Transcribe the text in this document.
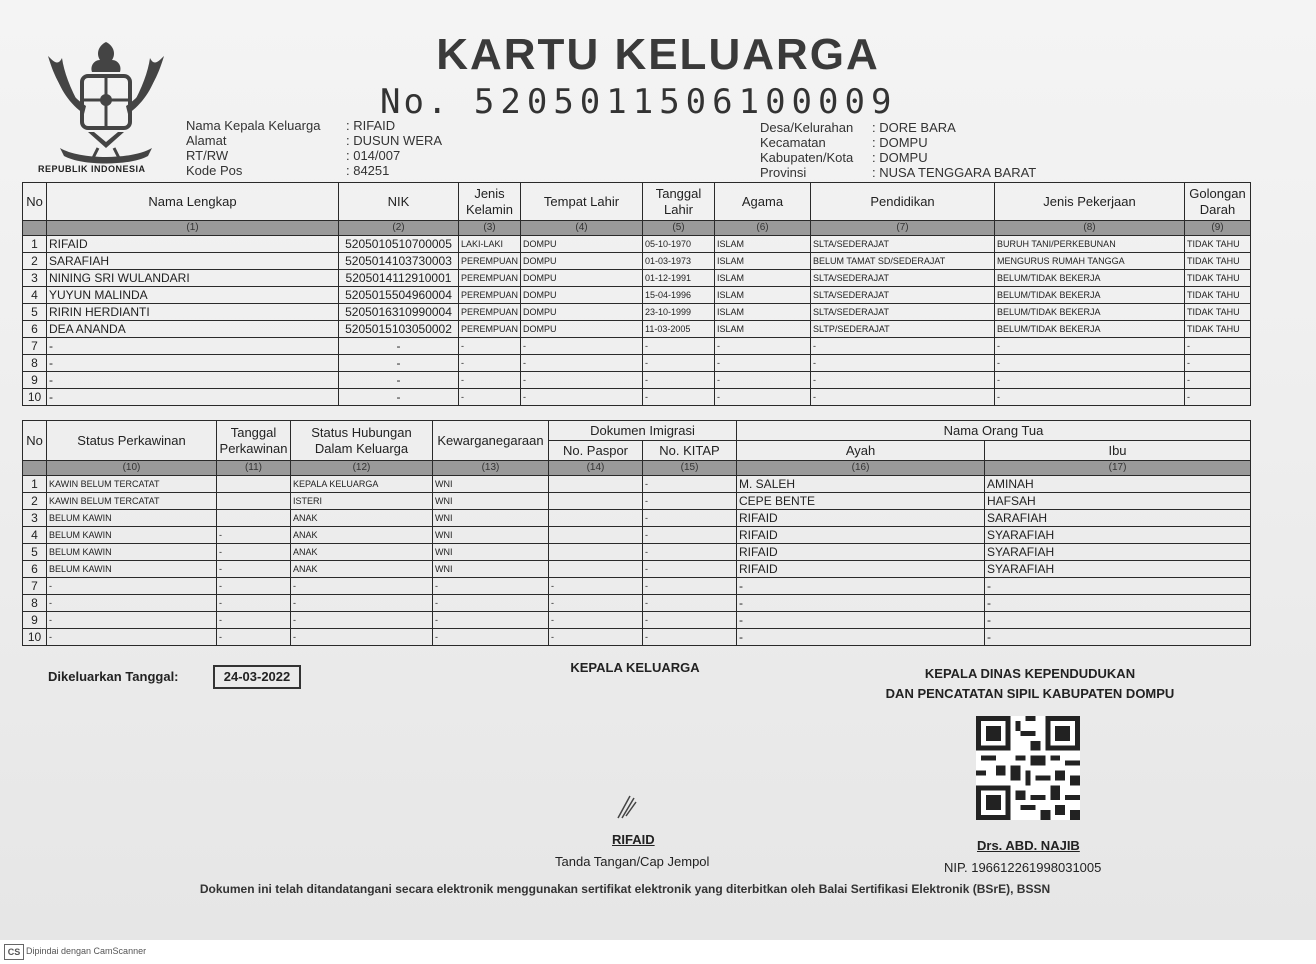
REPUBLIK INDONESIA
KARTU KELUARGA
No. 5205011506100009
Nama Kepala Keluarga	: RIFAID
Alamat	: DUSUN WERA
RT/RW	: 014/007
Kode Pos	: 84251
Desa/Kelurahan	: DORE BARA
Kecamatan	: DOMPU
Kabupaten/Kota	: DOMPU
Provinsi	: NUSA TENGGARA BARAT
No	Nama Lengkap	NIK	Jenis Kelamin	Tempat Lahir	Tanggal Lahir	Agama	Pendidikan	Jenis Pekerjaan	Golongan Darah
	(1)	(2)	(3)	(4)	(5)	(6)	(7)	(8)	(9)
1	RIFAID	5205010510700005	LAKI-LAKI	DOMPU	05-10-1970	ISLAM	SLTA/SEDERAJAT	BURUH TANI/PERKEBUNAN	TIDAK TAHU
2	SARAFIAH	5205014103730003	PEREMPUAN	DOMPU	01-03-1973	ISLAM	BELUM TAMAT SD/SEDERAJAT	MENGURUS RUMAH TANGGA	TIDAK TAHU
3	NINING SRI WULANDARI	5205014112910001	PEREMPUAN	DOMPU	01-12-1991	ISLAM	SLTA/SEDERAJAT	BELUM/TIDAK BEKERJA	TIDAK TAHU
4	YUYUN MALINDA	5205015504960004	PEREMPUAN	DOMPU	15-04-1996	ISLAM	SLTA/SEDERAJAT	BELUM/TIDAK BEKERJA	TIDAK TAHU
5	RIRIN HERDIANTI	5205016310990004	PEREMPUAN	DOMPU	23-10-1999	ISLAM	SLTA/SEDERAJAT	BELUM/TIDAK BEKERJA	TIDAK TAHU
6	DEA ANANDA	5205015103050002	PEREMPUAN	DOMPU	11-03-2005	ISLAM	SLTP/SEDERAJAT	BELUM/TIDAK BEKERJA	TIDAK TAHU
7	-	-	-	-	-	-	-	-	-
8	-	-	-	-	-	-	-	-	-
9	-	-	-	-	-	-	-	-	-
10	-	-	-	-	-	-	-	-	-
No	Status Perkawinan	Tanggal Perkawinan	Status Hubungan Dalam Keluarga	Kewarganegaraan	Dokumen Imigrasi		Nama Orang Tua	
					No. Paspor	No. KITAP	Ayah	Ibu
	(10)	(11)	(12)	(13)	(14)	(15)	(16)	(17)
1	KAWIN BELUM TERCATAT		KEPALA KELUARGA	WNI		-	M. SALEH	AMINAH
2	KAWIN BELUM TERCATAT		ISTERI	WNI		-	CEPE BENTE	HAFSAH
3	BELUM KAWIN		ANAK	WNI		-	RIFAID	SARAFIAH
4	BELUM KAWIN	-	ANAK	WNI		-	RIFAID	SYARAFIAH
5	BELUM KAWIN	-	ANAK	WNI		-	RIFAID	SYARAFIAH
6	BELUM KAWIN	-	ANAK	WNI		-	RIFAID	SYARAFIAH
7	-	-	-	-	-	-	-	-
8	-	-	-	-	-	-	-	-
9	-	-	-	-	-	-	-	-
10	-	-	-	-	-	-	-	-
Dikeluarkan Tanggal:	24-03-2022
KEPALA KELUARGA	KEPALA DINAS KEPENDUDUKAN
DAN PENCATATAN SIPIL KABUPATEN DOMPU
RIFAID
Tanda Tangan/Cap Jempol
Drs. ABD. NAJIB
NIP. 196612261998031005
Dokumen ini telah ditandatangani secara elektronik menggunakan sertifikat elektronik yang diterbitkan oleh Balai Sertifikasi Elektronik (BSrE), BSSN
CS Dipindai dengan CamScanner
